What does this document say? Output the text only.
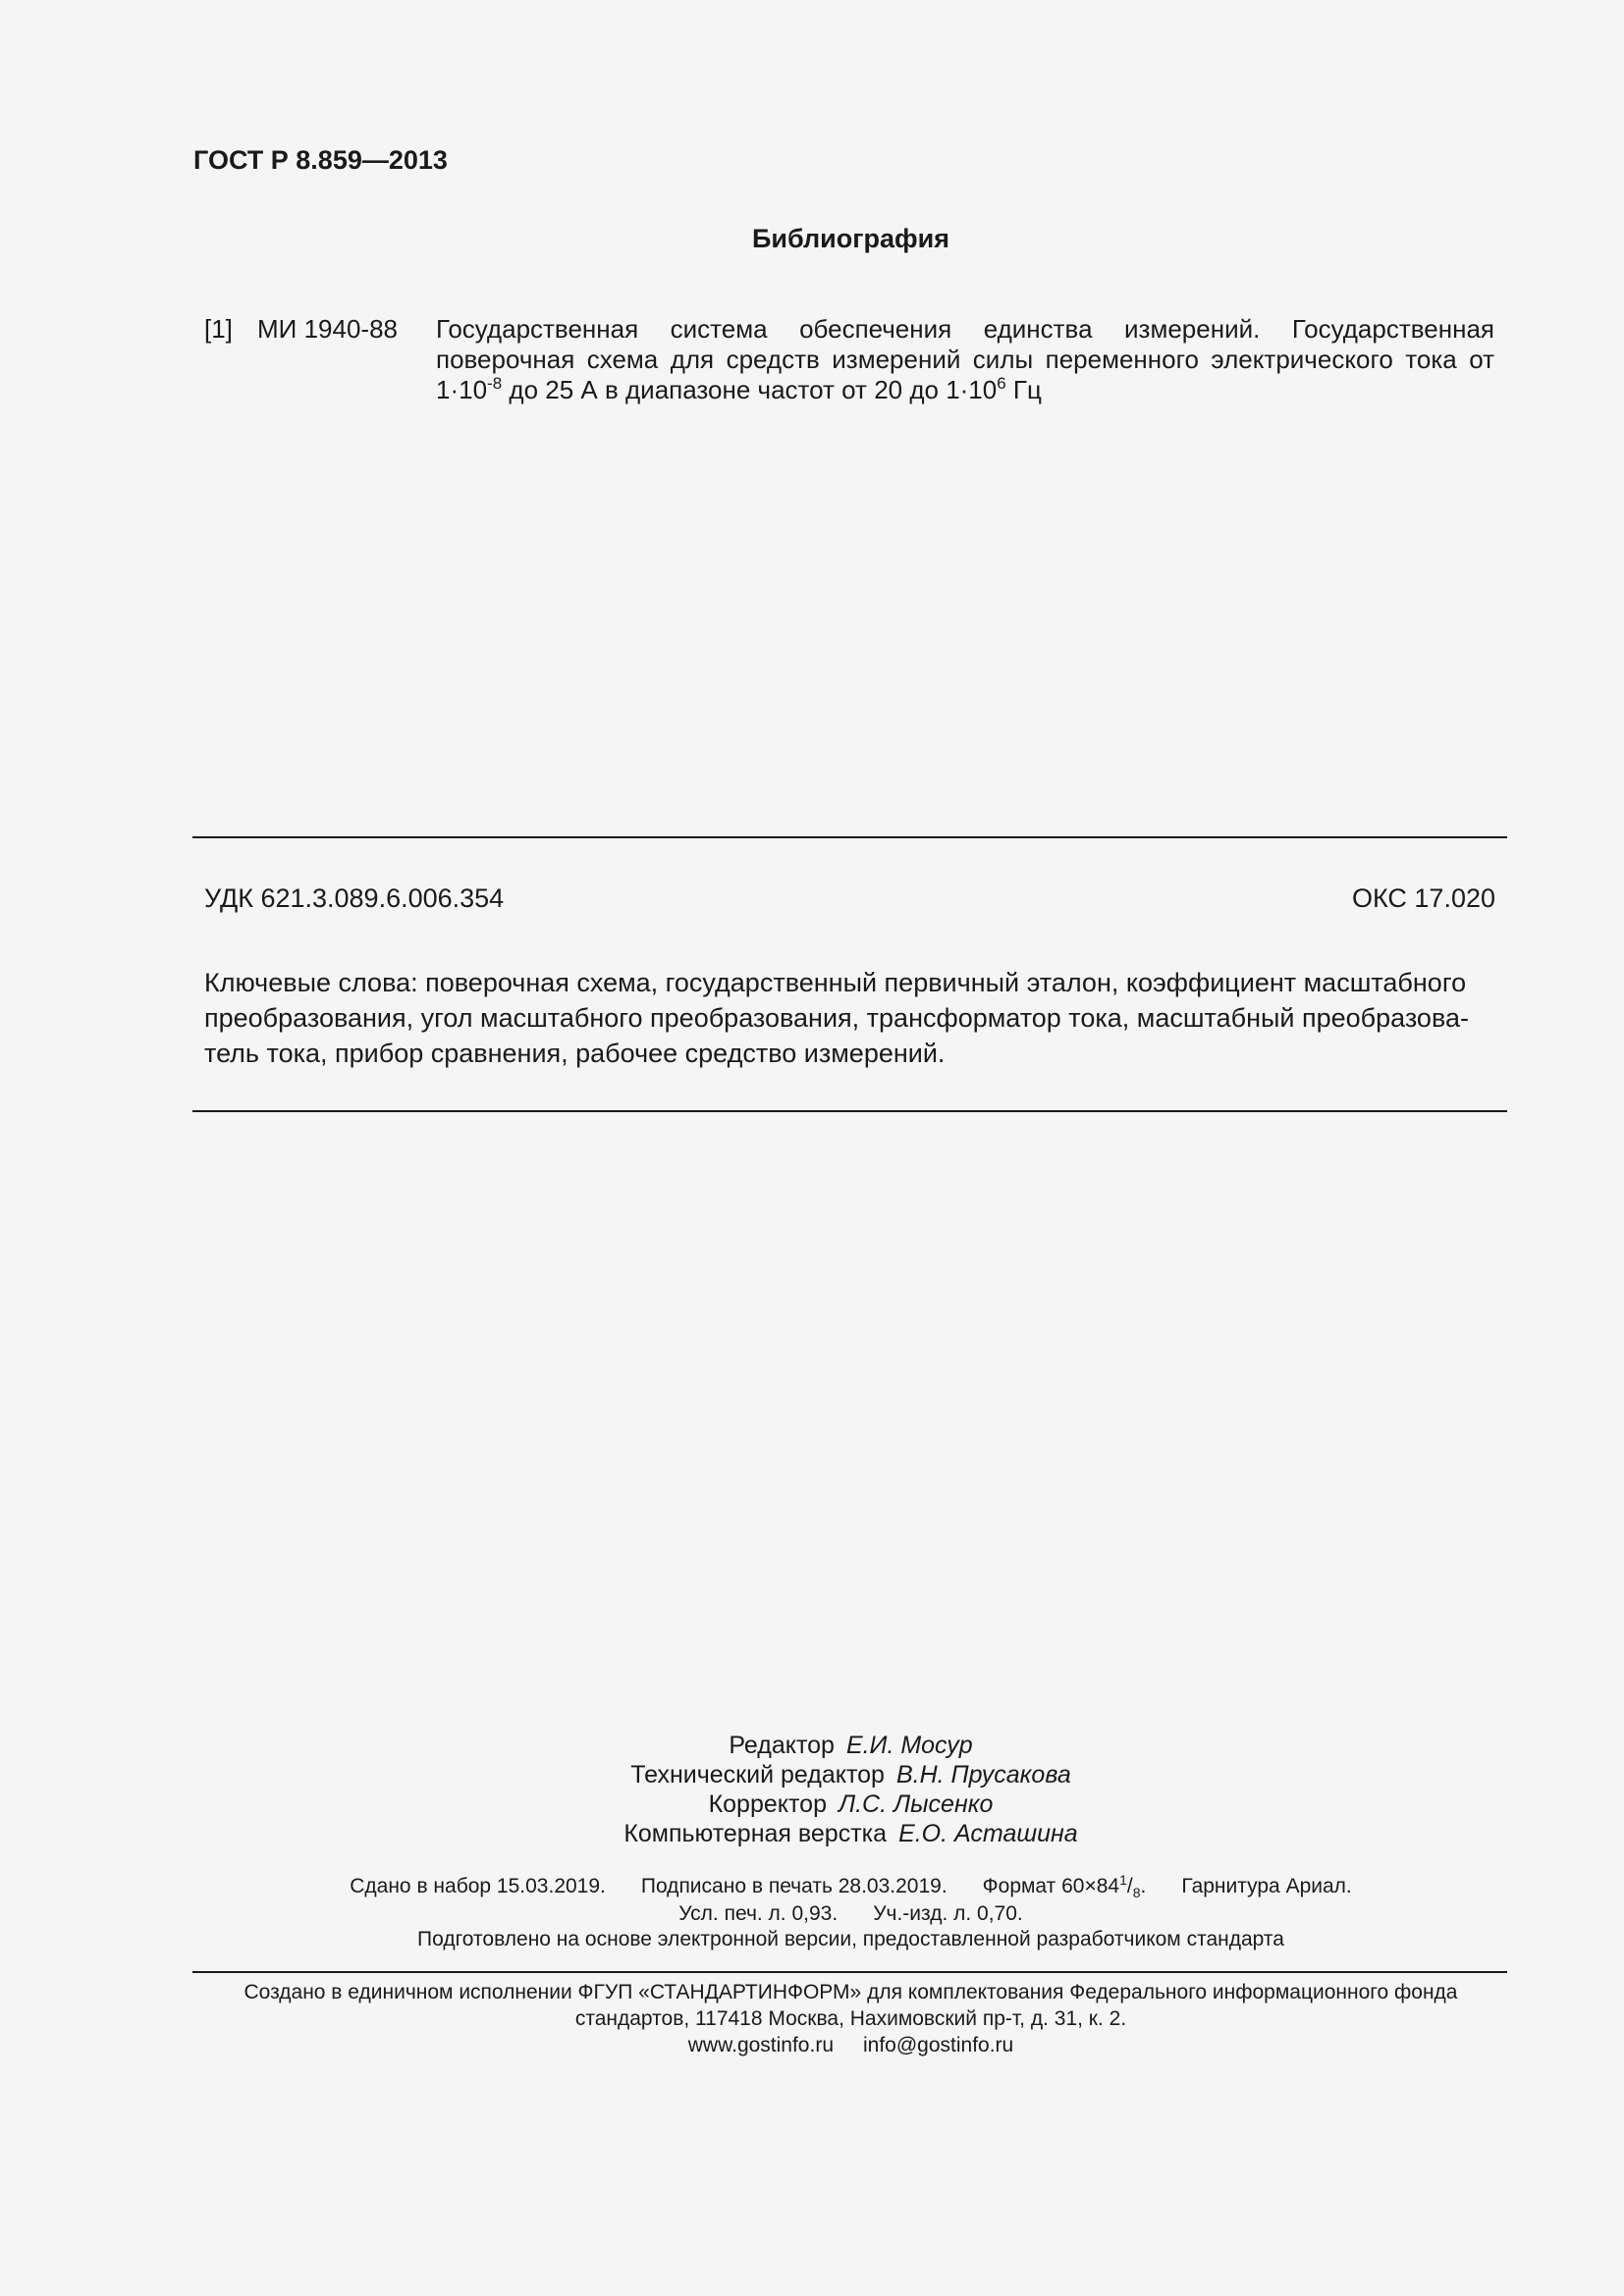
ГОСТ Р 8.859—2013
Библиография
[1] МИ 1940-88 Государственная система обеспечения единства измерений. Государственная поверочная схема для средств измерений силы переменного электрического тока от $1\cdot 10^{-8}$ до 25 А в диапазоне частот от 20 до $1\cdot 10^6$ Гц
УДК 621.3.089.6.006.354	ОКС 17.020
Ключевые слова: поверочная схема, государственный первичный эталон, коэффициент масштабного преобразования, угол масштабного преобразования, трансформатор тока, масштабный преобразова-тель тока, прибор сравнения, рабочее средство измерений.
Редактор Е.И. Мосур
Технический редактор В.Н. Прусакова
Корректор Л.С. Лысенко
Компьютерная верстка Е.О. Асташина
Сдано в набор 15.03.2019. Подписано в печать 28.03.2019. Формат $60\times 84^1/_8$. Гарнитура Ариал.
Усл. печ. л. 0,93. Уч.-изд. л. 0,70.
Подготовлено на основе электронной версии, предоставленной разработчиком стандарта
Создано в единичном исполнении ФГУП «СТАНДАРТИНФОРМ» для комплектования Федерального информационного фонда
стандартов, 117418 Москва, Нахимовский пр-т, д. 31, к. 2.
www.gostinfo.ru info@gostinfo.ru
